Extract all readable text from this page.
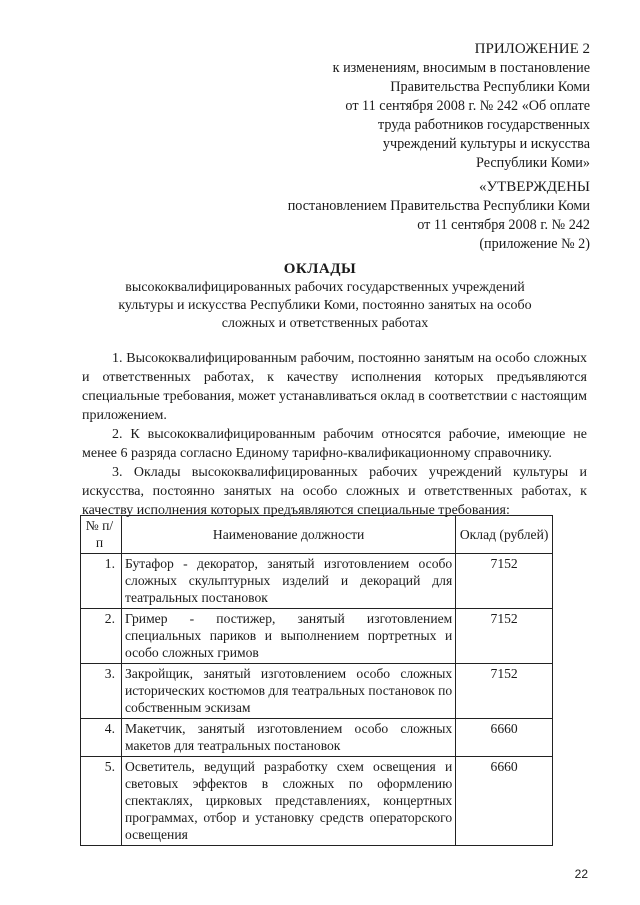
ПРИЛОЖЕНИЕ 2
к изменениям, вносимым в постановление
Правительства Республики Коми
от 11 сентября 2008 г. № 242 «Об оплате
труда работников государственных
учреждений культуры и искусства
Республики Коми»
«УТВЕРЖДЕНЫ
постановлением Правительства Республики Коми
от 11 сентября 2008 г. № 242
(приложение № 2)
ОКЛАДЫ
высококвалифицированных рабочих государственных учреждений
культуры и искусства Республики Коми, постоянно занятых на особо
сложных и ответственных работах

1. Высококвалифицированным рабочим, постоянно занятым на особо сложных и ответственных работах, к качеству исполнения которых предъявляются специальные требования, может устанавливаться оклад в соответствии с настоящим приложением.

2. К высококвалифицированным рабочим относятся рабочие, имеющие не менее 6 разряда согласно Единому тарифно-квалификационному справочнику.

3. Оклады высококвалифицированных рабочих учреждений культуры и искусства, постоянно занятых на особо сложных и ответственных работах, к качеству исполнения которых предъявляются специальные требования:

№ п/п	Наименование должности	Оклад (рублей)
1.	Бутафор - декоратор, занятый изготовлением особо сложных скульптурных изделий и декораций для театральных постановок	7152
2.	Гример - постижер, занятый изготовлением специальных париков и выполнением портретных и особо сложных гримов	7152
3.	Закройщик, занятый изготовлением особо сложных исторических костюмов для театральных постановок по собственным эскизам	7152
4.	Макетчик, занятый изготовлением особо сложных макетов для театральных постановок	6660
5.	Осветитель, ведущий разработку схем освещения и световых эффектов в сложных по оформлению спектаклях, цирковых представлениях, концертных программах, отбор и установку средств операторского освещения	6660
22
